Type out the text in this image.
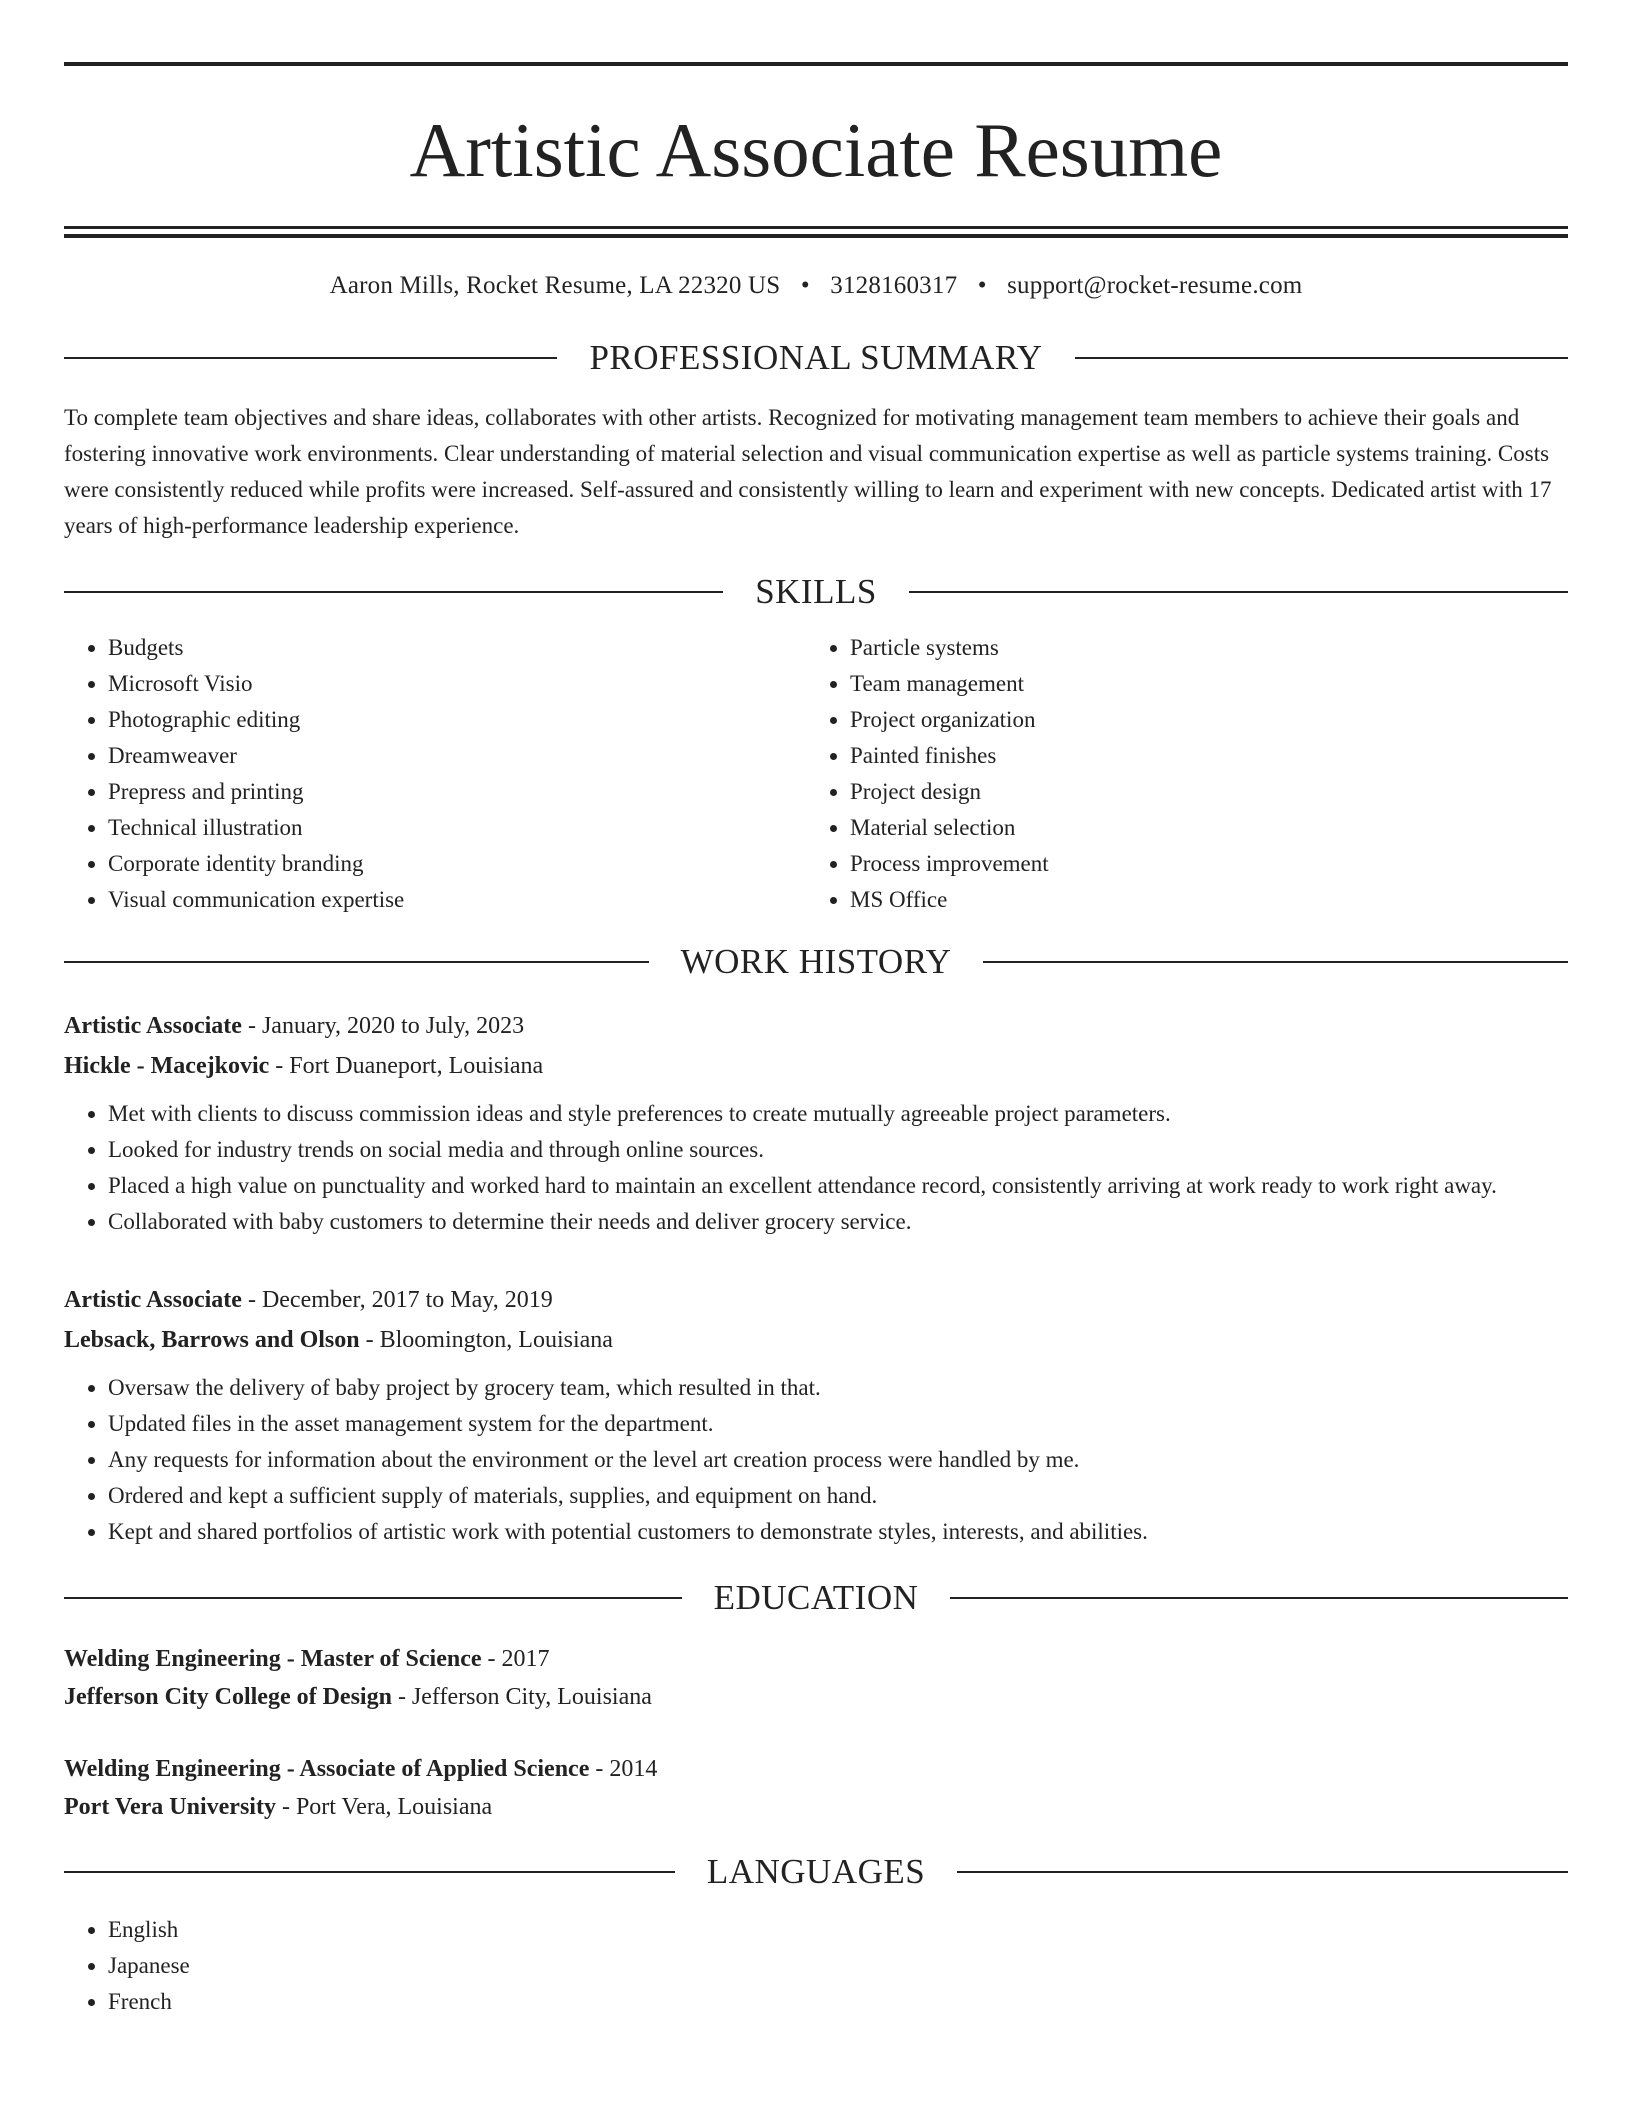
Artistic Associate Resume
Aaron Mills, Rocket Resume, LA 22320 US • 3128160317 • support@rocket-resume.com
PROFESSIONAL SUMMARY
To complete team objectives and share ideas, collaborates with other artists. Recognized for motivating management team members to achieve their goals and fostering innovative work environments. Clear understanding of material selection and visual communication expertise as well as particle systems training. Costs were consistently reduced while profits were increased. Self-assured and consistently willing to learn and experiment with new concepts. Dedicated artist with 17 years of high-performance leadership experience.
SKILLS
• Budgets
• Microsoft Visio
• Photographic editing
• Dreamweaver
• Prepress and printing
• Technical illustration
• Corporate identity branding
• Visual communication expertise
• Particle systems
• Team management
• Project organization
• Painted finishes
• Project design
• Material selection
• Process improvement
• MS Office
WORK HISTORY
Artistic Associate - January, 2020 to July, 2023
Hickle - Macejkovic - Fort Duaneport, Louisiana
• Met with clients to discuss commission ideas and style preferences to create mutually agreeable project parameters.
• Looked for industry trends on social media and through online sources.
• Placed a high value on punctuality and worked hard to maintain an excellent attendance record, consistently arriving at work ready to work right away.
• Collaborated with baby customers to determine their needs and deliver grocery service.
Artistic Associate - December, 2017 to May, 2019
Lebsack, Barrows and Olson - Bloomington, Louisiana
• Oversaw the delivery of baby project by grocery team, which resulted in that.
• Updated files in the asset management system for the department.
• Any requests for information about the environment or the level art creation process were handled by me.
• Ordered and kept a sufficient supply of materials, supplies, and equipment on hand.
• Kept and shared portfolios of artistic work with potential customers to demonstrate styles, interests, and abilities.
EDUCATION
Welding Engineering - Master of Science - 2017
Jefferson City College of Design - Jefferson City, Louisiana
Welding Engineering - Associate of Applied Science - 2014
Port Vera University - Port Vera, Louisiana
LANGUAGES
• English
• Japanese
• French
